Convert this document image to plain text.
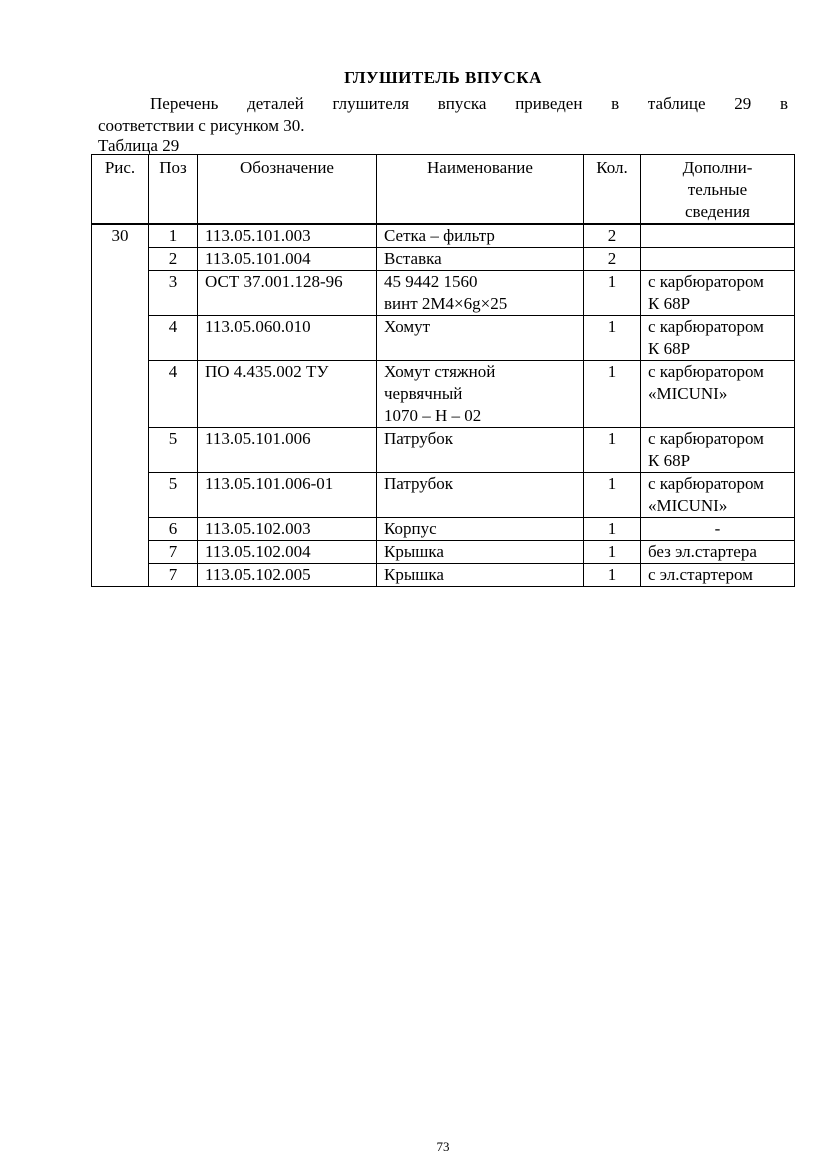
ГЛУШИТЕЛЬ ВПУСКА
Перечень деталей глушителя впуска приведен в таблице 29 в
соответствии с рисунком 30.
Таблица 29
Рис.	Поз	Обозначение	Наименование	Кол.	Дополни-
тельные
сведения
30	1	113.05.101.003	Сетка – фильтр	2	
	2	113.05.101.004	Вставка	2	
	3	ОСТ 37.001.128-96	45 9442 1560
винт 2М4×6g×25	1	с карбюратором
К 68Р
	4	113.05.060.010	Хомут	1	с карбюратором
К 68Р
	4	ПО 4.435.002 ТУ	Хомут стяжной
червячный
1070 – Н – 02	1	с карбюратором
«MICUNI»
	5	113.05.101.006	Патрубок	1	с карбюратором
К 68Р
	5	113.05.101.006-01	Патрубок	1	с карбюратором
«MICUNI»
	6	113.05.102.003	Корпус	1	-
	7	113.05.102.004	Крышка	1	без эл.стартера
	7	113.05.102.005	Крышка	1	с эл.стартером
73
